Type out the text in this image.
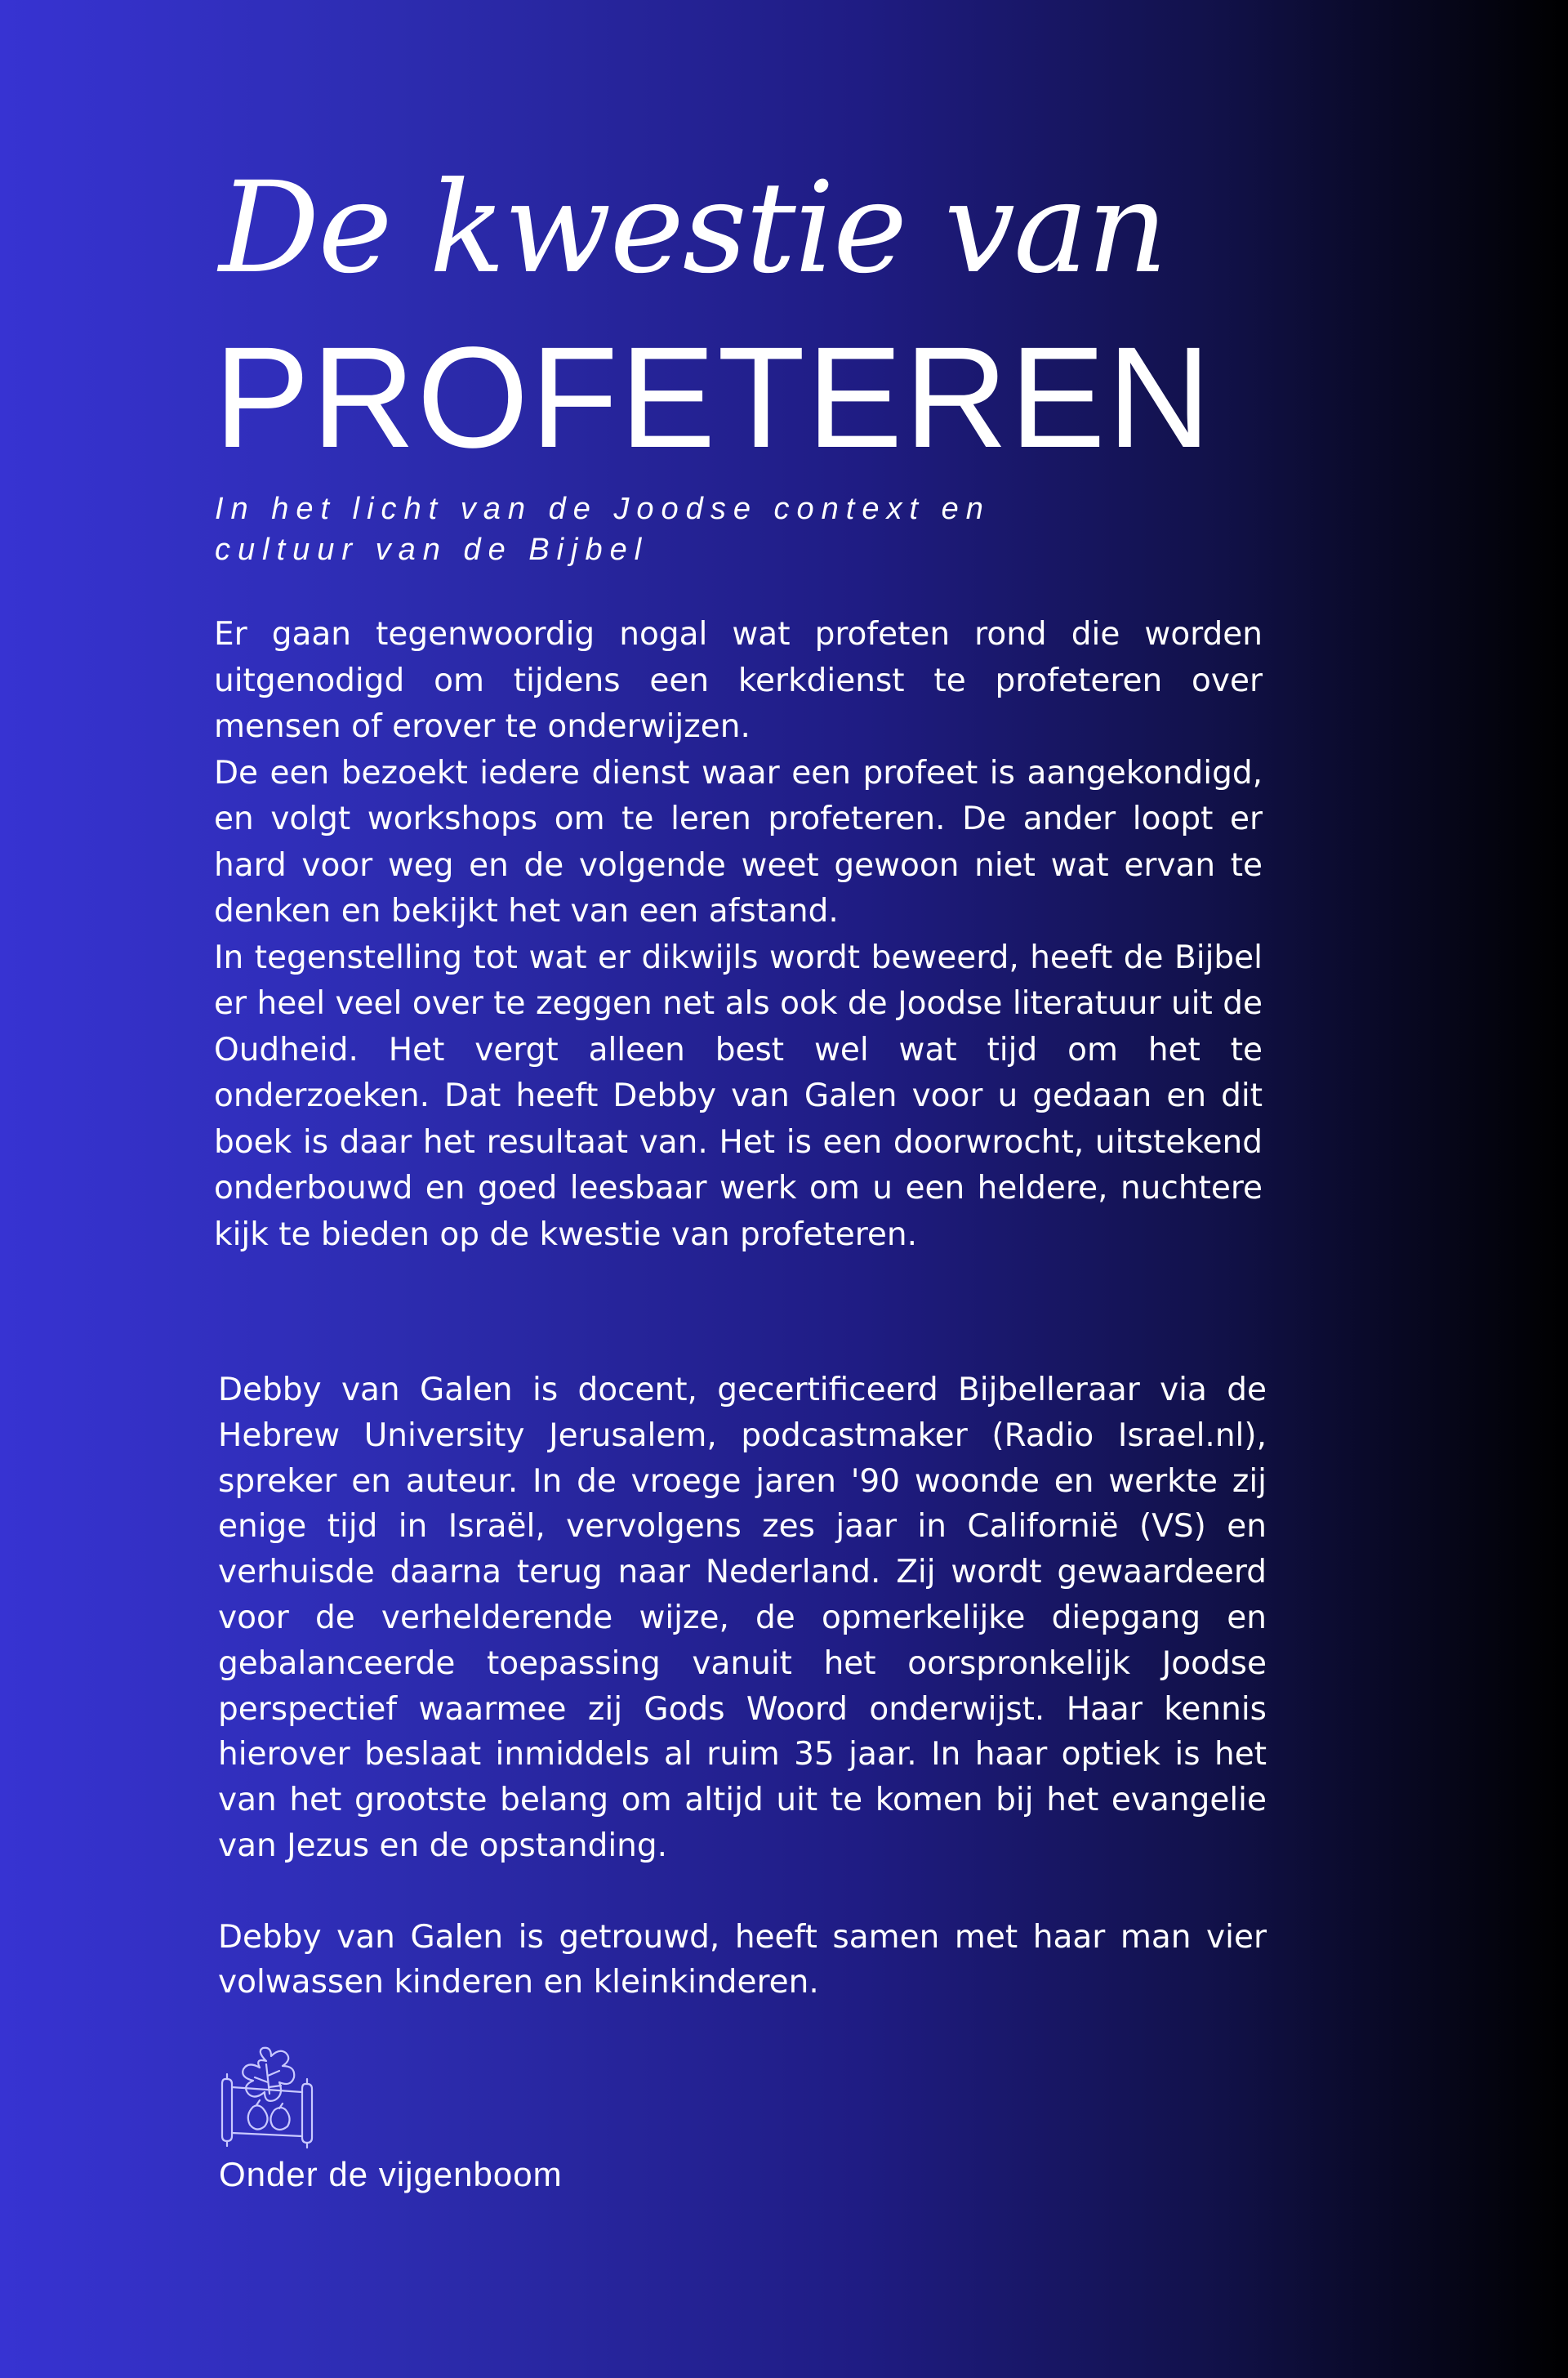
De kwestie van
PROFETEREN

In het licht van de Joodse context en cultuur van de Bijbel

Er gaan tegenwoordig nogal wat profeten rond die worden uitgenodigd om tijdens een kerkdienst te profeteren over mensen of erover te onderwijzen.

De een bezoekt iedere dienst waar een profeet is aangekondigd, en volgt workshops om te leren profeteren. De ander loopt er hard voor weg en de volgende weet gewoon niet wat ervan te denken en bekijkt het van een afstand.

In tegenstelling tot wat er dikwijls wordt beweerd, heeft de Bijbel er heel veel over te zeggen net als ook de Joodse literatuur uit de Oudheid. Het vergt alleen best wel wat tijd om het te onderzoeken. Dat heeft Debby van Galen voor u gedaan en dit boek is daar het resultaat van. Het is een doorwrocht, uitstekend onderbouwd en goed leesbaar werk om u een heldere, nuchtere kijk te bieden op de kwestie van profeteren.

Debby van Galen is docent, gecertificeerd Bijbelleraar via de Hebrew University Jerusalem, podcastmaker (Radio Israel.nl), spreker en auteur. In de vroege jaren '90 woonde en werkte zij enige tijd in Israël, vervolgens zes jaar in Californië (VS) en verhuisde daarna terug naar Nederland. Zij wordt gewaardeerd voor de verhelderende wijze, de opmerkelijke diepgang en gebalanceerde toepassing vanuit het oorspronkelijk Joodse perspectief waarmee zij Gods Woord onderwijst. Haar kennis hierover beslaat inmiddels al ruim 35 jaar. In haar optiek is het van het grootste belang om altijd uit te komen bij het evangelie van Jezus en de opstanding.

Debby van Galen is getrouwd, heeft samen met haar man vier volwassen kinderen en kleinkinderen.

Onder de vijgenboom
